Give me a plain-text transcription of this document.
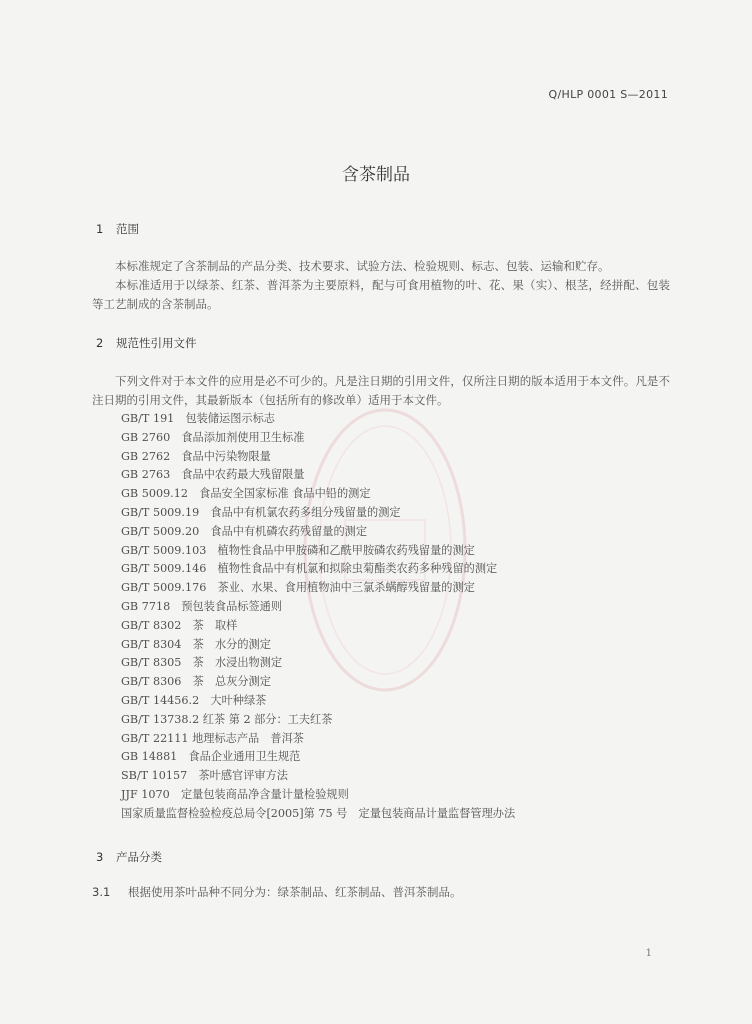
Q/HLP 0001 S—2011
含茶制品
1 范围
本标准规定了含茶制品的产品分类、技术要求、试验方法、检验规则、标志、包装、运输和贮存。
本标准适用于以绿茶、红茶、普洱茶为主要原料，配与可食用植物的叶、花、果（实）、根茎，经拼配、包装等工艺制成的含茶制品。
2 规范性引用文件
下列文件对于本文件的应用是必不可少的。凡是注日期的引用文件，仅所注日期的版本适用于本文件。凡是不注日期的引用文件，其最新版本（包括所有的修改单）适用于本文件。
GB/T 191　包装储运图示标志
GB 2760　食品添加剂使用卫生标准
GB 2762　食品中污染物限量
GB 2763　食品中农药最大残留限量
GB 5009.12　食品安全国家标准 食品中铅的测定
GB/T 5009.19　食品中有机氯农药多组分残留量的测定
GB/T 5009.20　食品中有机磷农药残留量的测定
GB/T 5009.103　植物性食品中甲胺磷和乙酰甲胺磷农药残留量的测定
GB/T 5009.146　植物性食品中有机氯和拟除虫菊酯类农药多种残留的测定
GB/T 5009.176　茶业、水果、食用植物油中三氯杀螨醇残留量的测定
GB 7718　预包装食品标签通则
GB/T 8302　茶　取样
GB/T 8304　茶　水分的测定
GB/T 8305　茶　水浸出物测定
GB/T 8306　茶　总灰分测定
GB/T 14456.2　大叶种绿茶
GB/T 13738.2 红茶 第 2 部分：工夫红茶
GB/T 22111 地理标志产品　普洱茶
GB 14881　食品企业通用卫生规范
SB/T 10157　茶叶感官评审方法
JJF 1070　定量包装商品净含量计量检验规则
国家质量监督检验检疫总局令[2005]第 75 号　定量包装商品计量监督管理办法
3 产品分类
3.1 根据使用茶叶品种不同分为：绿茶制品、红茶制品、普洱茶制品。
1
